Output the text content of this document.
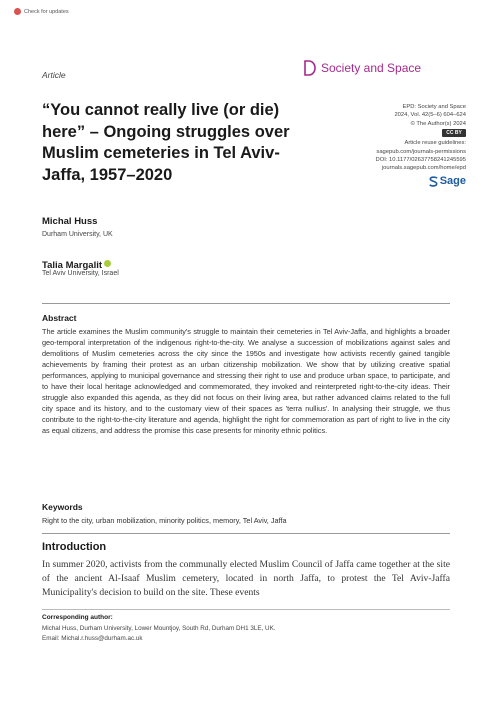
Check for updates
Article	Society and Space
“You cannot really live (or die) here” – Ongoing struggles over Muslim cemeteries in Tel Aviv-Jaffa, 1957–2020
EPD: Society and Space
2024, Vol. 42(5–6) 604–624
© The Author(s) 2024
CC BY
Article reuse guidelines:
sagepub.com/journals-permissions
DOI: 10.1177/02637758241245595
journals.sagepub.com/home/epd
Sage
Michal Huss
Durham University, UK
Talia Margalit
Tel Aviv University, Israel
Abstract
The article examines the Muslim community's struggle to maintain their cemeteries in Tel Aviv-Jaffa, and highlights a broader geo-temporal interpretation of the indigenous right-to-the-city. We analyse a succession of mobilizations against sales and demolitions of Muslim cemeteries across the city since the 1950s and investigate how activists recently gained tangible achievements by framing their protest as an urban citizenship mobilization. We show that by utilizing creative spatial performances, applying to municipal governance and stressing their right to use and produce urban space, to participate, and to have their local heritage acknowledged and commemorated, they invoked and reinterpreted right-to-the-city ideas. Their struggle also expanded this agenda, as they did not focus on their living area, but rather advanced claims related to the full city space and its history, and to the customary view of their spaces as 'terra nullius'. In analysing their struggle, we thus contribute to the right-to-the-city literature and agenda, highlight the right for commemoration as part of right to live in the city as equal citizens, and address the promise this case presents for minority ethnic politics.
Keywords
Right to the city, urban mobilization, minority politics, memory, Tel Aviv, Jaffa
Introduction
In summer 2020, activists from the communally elected Muslim Council of Jaffa came together at the site of the ancient Al-Isaaf Muslim cemetery, located in north Jaffa, to protest the Tel Aviv-Jaffa Municipality's decision to build on the site. These events
Corresponding author:
Michal Huss, Durham University, Lower Mountjoy, South Rd, Durham DH1 3LE, UK.
Email: Michal.r.huss@durham.ac.uk
